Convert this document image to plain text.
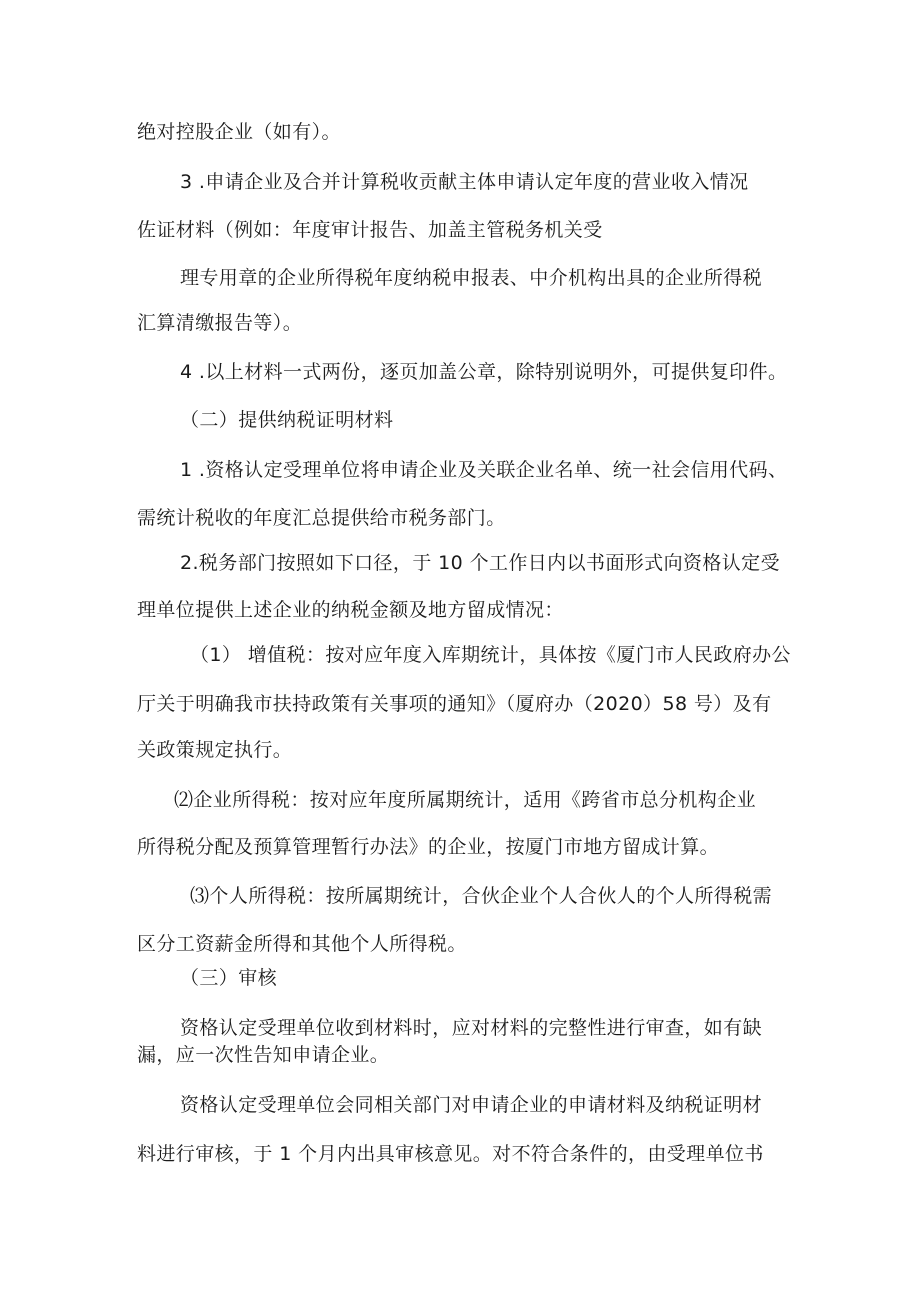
绝对控股企业（如有）。
3 .申请企业及合并计算税收贡献主体申请认定年度的营业收入情况
佐证材料（例如：年度审计报告、加盖主管税务机关受
理专用章的企业所得税年度纳税申报表、中介机构出具的企业所得税
汇算清缴报告等）。
4 .以上材料一式两份，逐页加盖公章，除特别说明外，可提供复印件。
（二）提供纳税证明材料
1 .资格认定受理单位将申请企业及关联企业名单、统一社会信用代码、
需统计税收的年度汇总提供给市税务部门。
2.税务部门按照如下口径，于 10 个工作日内以书面形式向资格认定受
理单位提供上述企业的纳税金额及地方留成情况：
（1） 增值税：按对应年度入库期统计，具体按《厦门市人民政府办公
厅关于明确我市扶持政策有关事项的通知》（厦府办（2020）58 号）及有
关政策规定执行。
⑵企业所得税：按对应年度所属期统计，适用《跨省市总分机构企业
所得税分配及预算管理暂行办法》的企业，按厦门市地方留成计算。
⑶个人所得税：按所属期统计，合伙企业个人合伙人的个人所得税需
区分工资薪金所得和其他个人所得税。
（三）审核
资格认定受理单位收到材料时，应对材料的完整性进行审查，如有缺
漏，应一次性告知申请企业。
资格认定受理单位会同相关部门对申请企业的申请材料及纳税证明材
料进行审核，于 1 个月内出具审核意见。对不符合条件的，由受理单位书
